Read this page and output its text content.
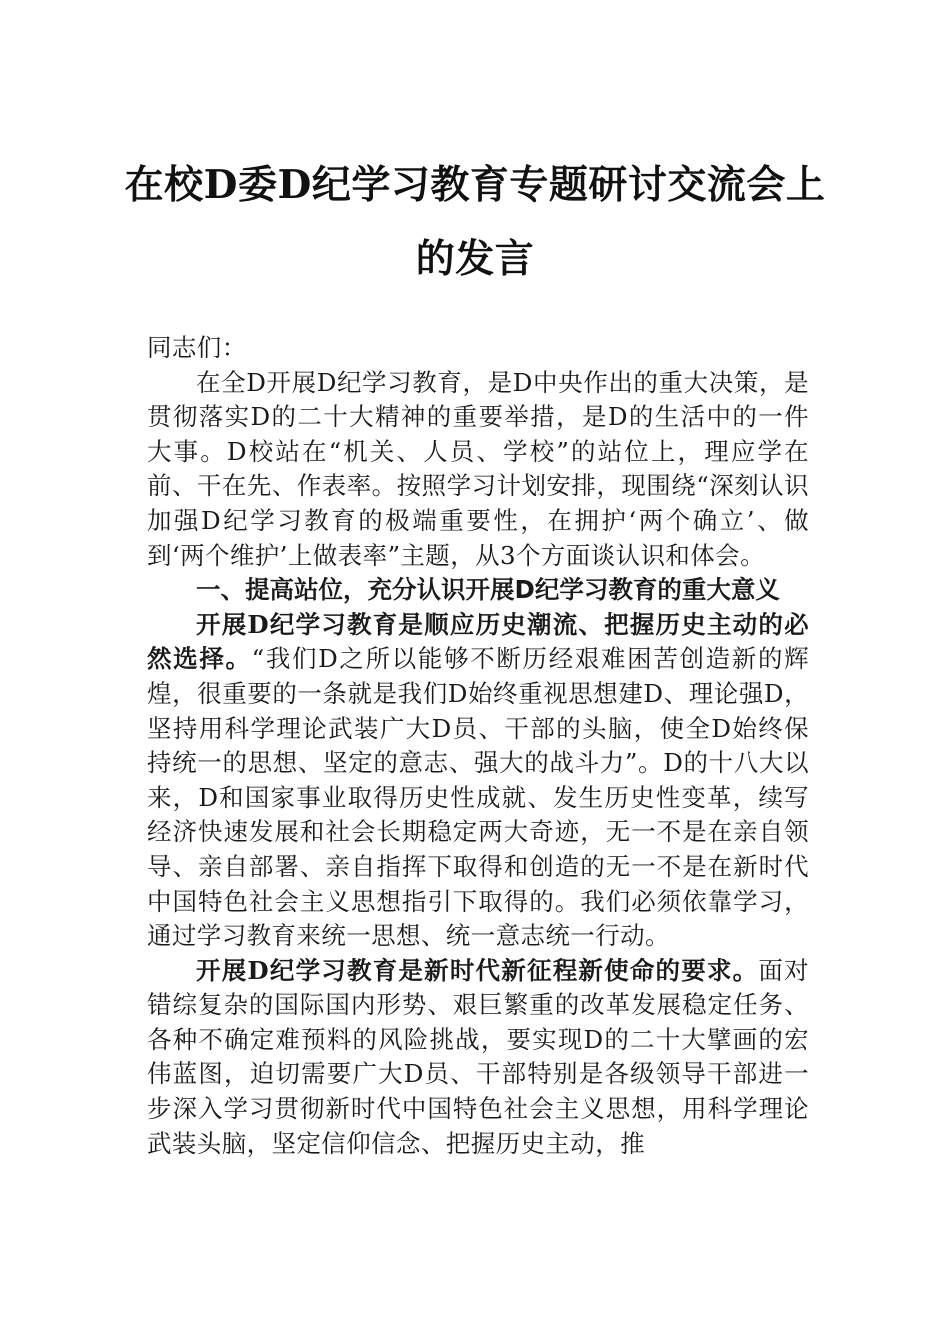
在校D委D纪学习教育专题研讨交流会上
的发言

同志们：

在全D开展D纪学习教育，是D中央作出的重大决策，是贯彻落实D的二十大精神的重要举措，是D的生活中的一件大事。D校站在“机关、人员、学校”的站位上，理应学在前、干在先、作表率。按照学习计划安排，现围绕“深刻认识加强D纪学习教育的极端重要性，在拥护‘两个确立’、做到‘两个维护’上做表率”主题，从3个方面谈认识和体会。

一、提高站位，充分认识开展D纪学习教育的重大意义

开展D纪学习教育是顺应历史潮流、把握历史主动的必然选择。“我们D之所以能够不断历经艰难困苦创造新的辉煌，很重要的一条就是我们D始终重视思想建D、理论强D，坚持用科学理论武装广大D员、干部的头脑，使全D始终保持统一的思想、坚定的意志、强大的战斗力”。D的十八大以来，D和国家事业取得历史性成就、发生历史性变革，续写经济快速发展和社会长期稳定两大奇迹，无一不是在亲自领导、亲自部署、亲自指挥下取得和创造的无一不是在新时代中国特色社会主义思想指引下取得的。我们必须依靠学习，通过学习教育来统一思想、统一意志统一行动。

开展D纪学习教育是新时代新征程新使命的要求。面对错综复杂的国际国内形势、艰巨繁重的改革发展稳定任务、各种不确定难预料的风险挑战，要实现D的二十大擘画的宏伟蓝图，迫切需要广大D员、干部特别是各级领导干部进一步深入学习贯彻新时代中国特色社会主义思想，用科学理论武装头脑，坚定信仰信念、把握历史主动，推
